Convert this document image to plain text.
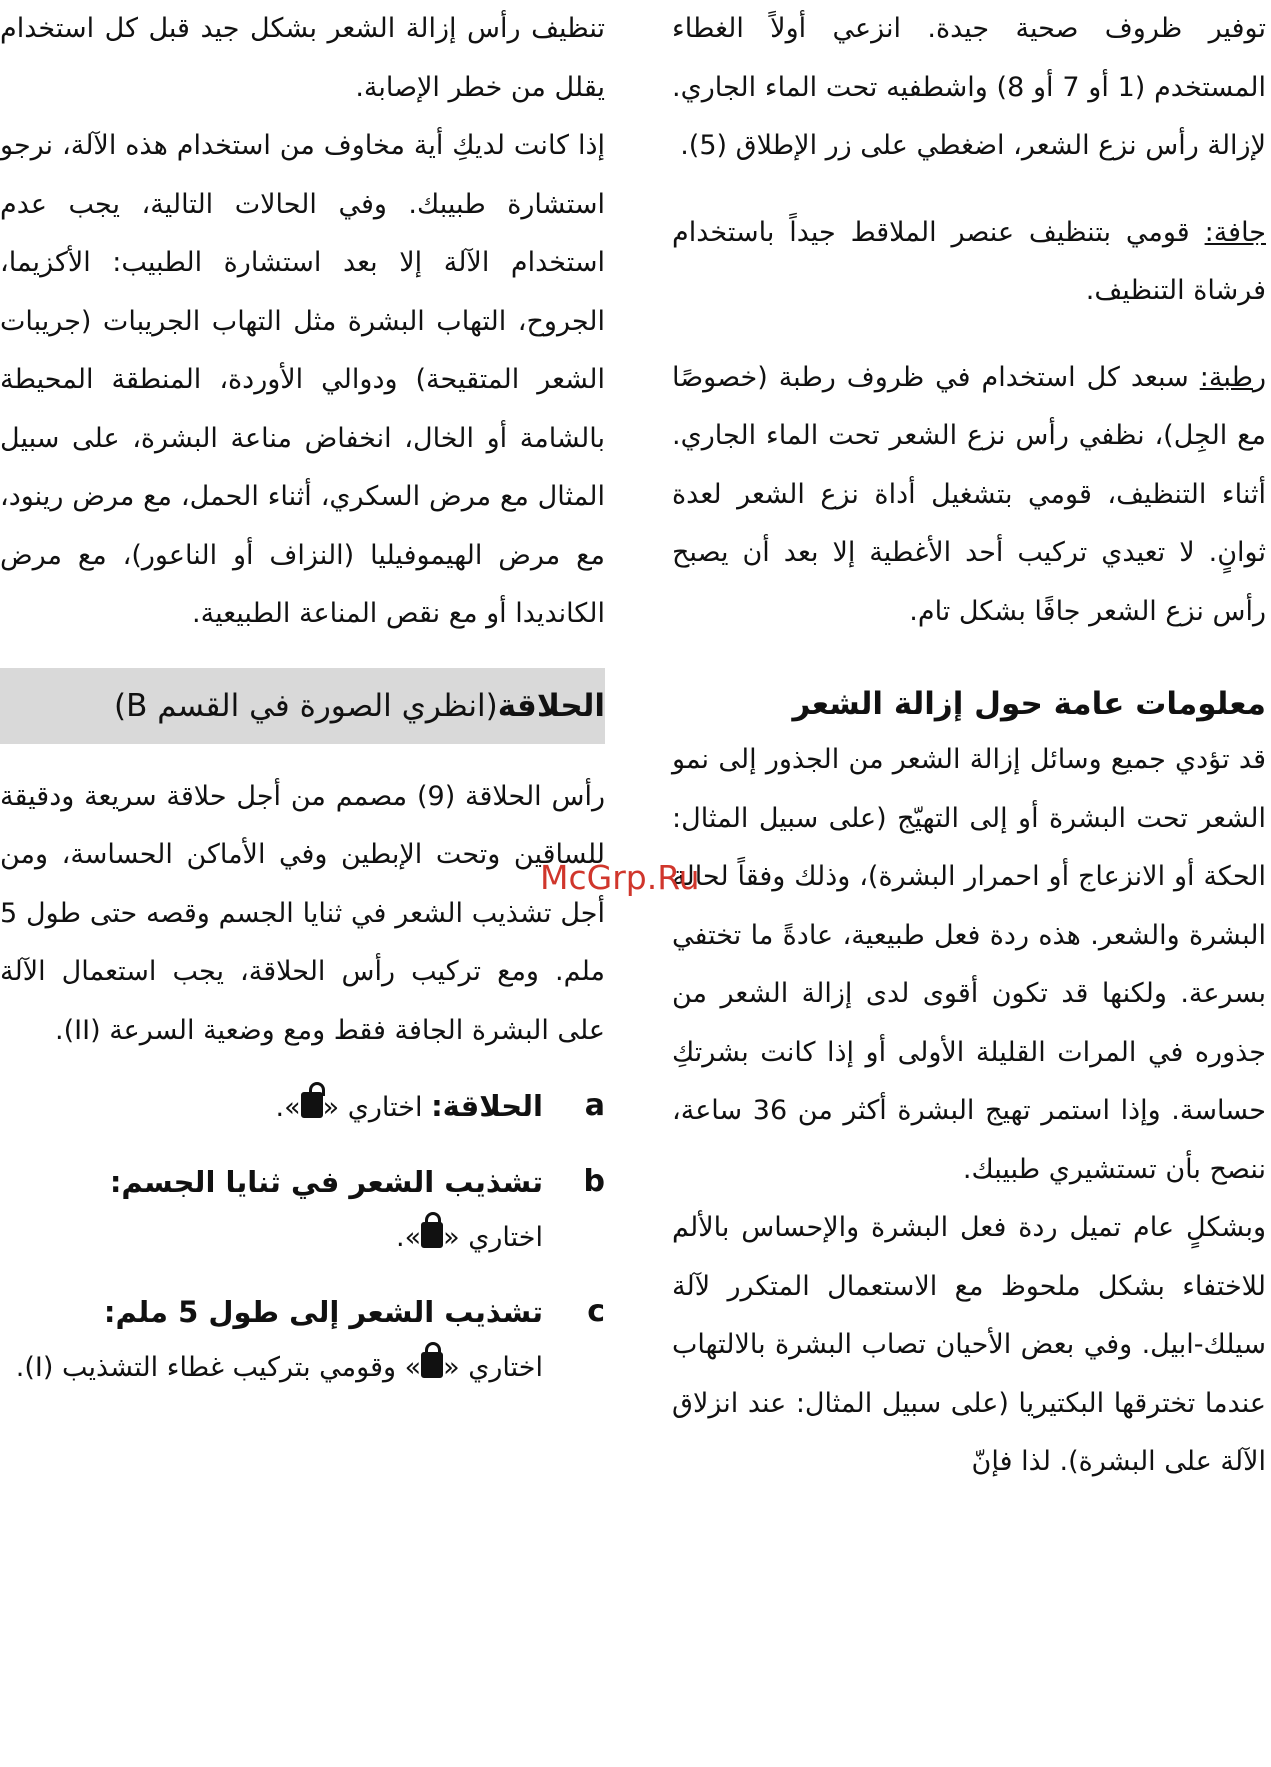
توفير ظروف صحية جيدة. انزعي أولاً الغطاء المستخدم (1 أو 7 أو 8) واشطفيه تحت الماء الجاري. لإزالة رأس نزع الشعر، اضغطي على زر الإطلاق (5).

جافة: قومي بتنظيف عنصر الملاقط جيداً باستخدام فرشاة التنظيف.

رطبة: سبعد كل استخدام في ظروف رطبة (خصوصًا مع الجِل)، نظفي رأس نزع الشعر تحت الماء الجاري. أثناء التنظيف، قومي بتشغيل أداة نزع الشعر لعدة ثوانٍ. لا تعيدي تركيب أحد الأغطية إلا بعد أن يصبح رأس نزع الشعر جافًا بشكل تام.

معلومات عامة حول إزالة الشعر

قد تؤدي جميع وسائل إزالة الشعر من الجذور إلى نمو الشعر تحت البشرة أو إلى التهيّج (على سبيل المثال: الحكة أو الانزعاج أو احمرار البشرة)، وذلك وفقاً لحالة البشرة والشعر. هذه ردة فعل طبيعية، عادةً ما تختفي بسرعة. ولكنها قد تكون أقوى لدى إزالة الشعر من جذوره في المرات القليلة الأولى أو إذا كانت بشرتكِ حساسة. وإذا استمر تهيج البشرة أكثر من 36 ساعة، ننصح بأن تستشيري طبيبك.

وبشكلٍ عام تميل ردة فعل البشرة والإحساس بالألم للاختفاء بشكل ملحوظ مع الاستعمال المتكرر لآلة سيلك-ابيل. وفي بعض الأحيان تصاب البشرة بالالتهاب عندما تخترقها البكتيريا (على سبيل المثال: عند انزلاق الآلة على البشرة). لذا فإنّ

تنظيف رأس إزالة الشعر بشكل جيد قبل كل استخدام يقلل من خطر الإصابة.

إذا كانت لديكِ أية مخاوف من استخدام هذه الآلة، نرجو استشارة طبيبك. وفي الحالات التالية، يجب عدم استخدام الآلة إلا بعد استشارة الطبيب: الأكزيما، الجروح، التهاب البشرة مثل التهاب الجريبات (جريبات الشعر المتقيحة) ودوالي الأوردة، المنطقة المحيطة بالشامة أو الخال، انخفاض مناعة البشرة، على سبيل المثال مع مرض السكري، أثناء الحمل، مع مرض رينود، مع مرض الهيموفيليا (النزاف أو الناعور)، مع مرض الكانديدا أو مع نقص المناعة الطبيعية.

الحلاقة
(انظري الصورة في القسم B)

رأس الحلاقة (9) مصمم من أجل حلاقة سريعة ودقيقة للساقين وتحت الإبطين وفي الأماكن الحساسة، ومن أجل تشذيب الشعر في ثنايا الجسم وقصه حتى طول 5 ملم. ومع تركيب رأس الحلاقة، يجب استعمال الآلة على البشرة الجافة فقط ومع وضعية السرعة (II).

a
الحلاقة: اختاري «».
b
تشذيب الشعر في ثنايا الجسم:
اختاري «».
c
تشذيب الشعر إلى طول 5 ملم:
اختاري «» وقومي بتركيب غطاء التشذيب (I).
McGrp.Ru
